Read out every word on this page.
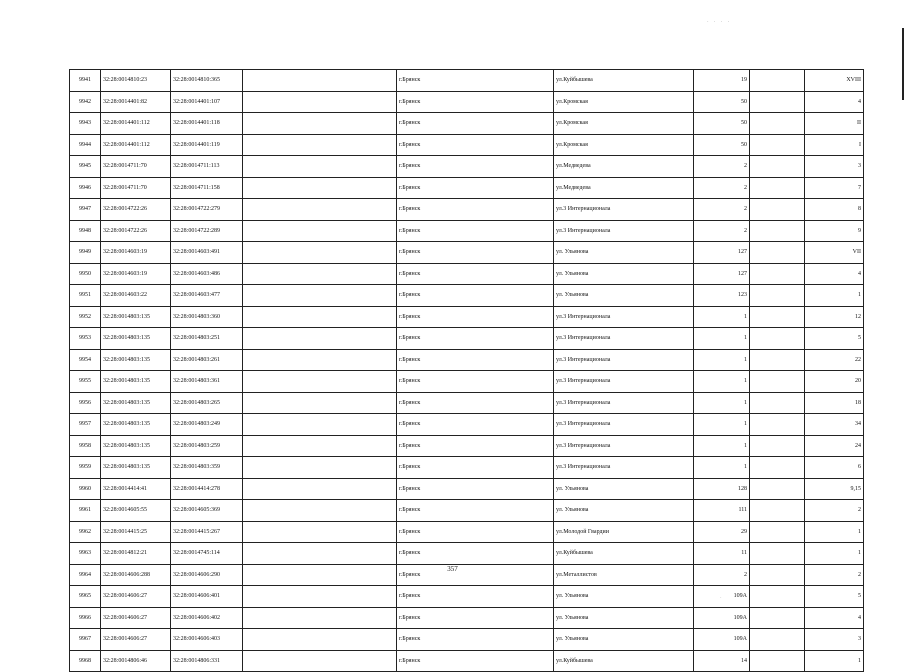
· · · ·
·
9941	32:28:0014810:23	32:28:0014810:365		г.Брянск	ул.Куйбышева	19		XVIII
9942	32:28:0014401:82	32:28:0014401:107		г.Брянск	ул.Кромская	50		4
9943	32:28:0014401:112	32:28:0014401:118		г.Брянск	ул.Кромская	50		II
9944	32:28:0014401:112	32:28:0014401:119		г.Брянск	ул.Кромская	50		I
9945	32:28:0014711:70	32:28:0014711:113		г.Брянск	ул.Медведева	2		3
9946	32:28:0014711:70	32:28:0014711:158		г.Брянск	ул.Медведева	2		7
9947	32:28:0014722:26	32:28:0014722:279		г.Брянск	ул.3 Интернационала	2		8
9948	32:28:0014722:26	32:28:0014722:289		г.Брянск	ул.3 Интернационала	2		9
9949	32:28:0014603:19	32:28:0014603:491		г.Брянск	ул. Ульянова	127		VII
9950	32:28:0014603:19	32:28:0014603:486		г.Брянск	ул. Ульянова	127		4
9951	32:28:0014603:22	32:28:0014603:477		г.Брянск	ул. Ульянова	123		1
9952	32:28:0014803:135	32:28:0014803:360		г.Брянск	ул.3 Интернационала	1		12
9953	32:28:0014803:135	32:28:0014803:251		г.Брянск	ул.3 Интернационала	1		5
9954	32:28:0014803:135	32:28:0014803:261		г.Брянск	ул.3 Интернационала	1		22
9955	32:28:0014803:135	32:28:0014803:361		г.Брянск	ул.3 Интернационала	1		20
9956	32:28:0014803:135	32:28:0014803:265		г.Брянск	ул.3 Интернационала	1		18
9957	32:28:0014803:135	32:28:0014803:249		г.Брянск	ул.3 Интернационала	1		34
9958	32:28:0014803:135	32:28:0014803:259		г.Брянск	ул.3 Интернационала	1		24
9959	32:28:0014803:135	32:28:0014803:359		г.Брянск	ул.3 Интернационала	1		6
9960	32:28:0014414:41	32:28:0014414:278		г.Брянск	ул. Ульянова	128		9,15
9961	32:28:0014605:55	32:28:0014605:369		г.Брянск	ул. Ульянова	111		2
9962	32:28:0014415:25	32:28:0014415:267		г.Брянск	ул.Молодой Гвардии	29		1
9963	32:28:0014812:21	32:28:0014745:114		г.Брянск	ул.Куйбышева	11		1
9964	32:28:0014606:288	32:28:0014606:290		г.Брянск	ул.Металлистов	2		2
9965	32:28:0014606:27	32:28:0014606:401		г.Брянск	ул. Ульянова	109А		5
9966	32:28:0014606:27	32:28:0014606:402		г.Брянск	ул. Ульянова	109А		4
9967	32:28:0014606:27	32:28:0014606:403		г.Брянск	ул. Ульянова	109А		3
9968	32:28:0014806:46	32:28:0014806:331		г.Брянск	ул.Куйбышева	14		1
357
